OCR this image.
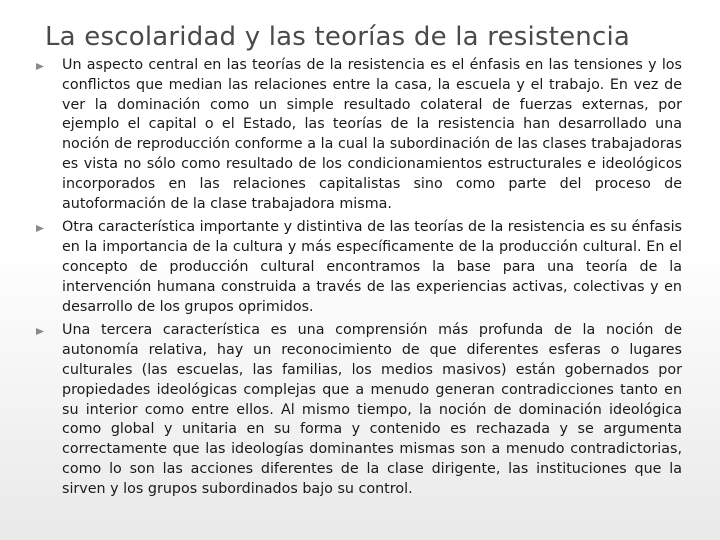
La escolaridad y las teorías de la resistencia
Un aspecto central en las teorías de la resistencia es el énfasis en las tensiones y los conflictos que median las relaciones entre la casa, la escuela y el trabajo. En vez de ver la dominación como un simple resultado colateral de fuerzas externas, por ejemplo el capital o el Estado, las teorías de la resistencia han desarrollado una noción de reproducción conforme a la cual la subordinación de las clases trabajadoras es vista no sólo como resultado de los condicionamientos estructurales e ideológicos incorporados en las relaciones capitalistas sino como parte del proceso de autoformación de la clase trabajadora misma.
Otra característica importante y distintiva de las teorías de la resistencia es su énfasis en la importancia de la cultura y más específicamente de la producción cultural. En el concepto de producción cultural encontramos la base para una teoría de la intervención humana construida a través de las experiencias activas, colectivas y en desarrollo de los grupos oprimidos.
Una tercera característica es una comprensión más profunda de la noción de autonomía relativa, hay un reconocimiento de que diferentes esferas o lugares culturales (las escuelas, las familias, los medios masivos) están gobernados por propiedades ideológicas complejas que a menudo generan contradicciones tanto en su interior como entre ellos. Al mismo tiempo, la noción de dominación ideológica como global y unitaria en su forma y contenido es rechazada y se argumenta correctamente que las ideologías dominantes mismas son a menudo contradictorias, como lo son las acciones diferentes de la clase dirigente, las instituciones que la sirven y los grupos subordinados bajo su control.
